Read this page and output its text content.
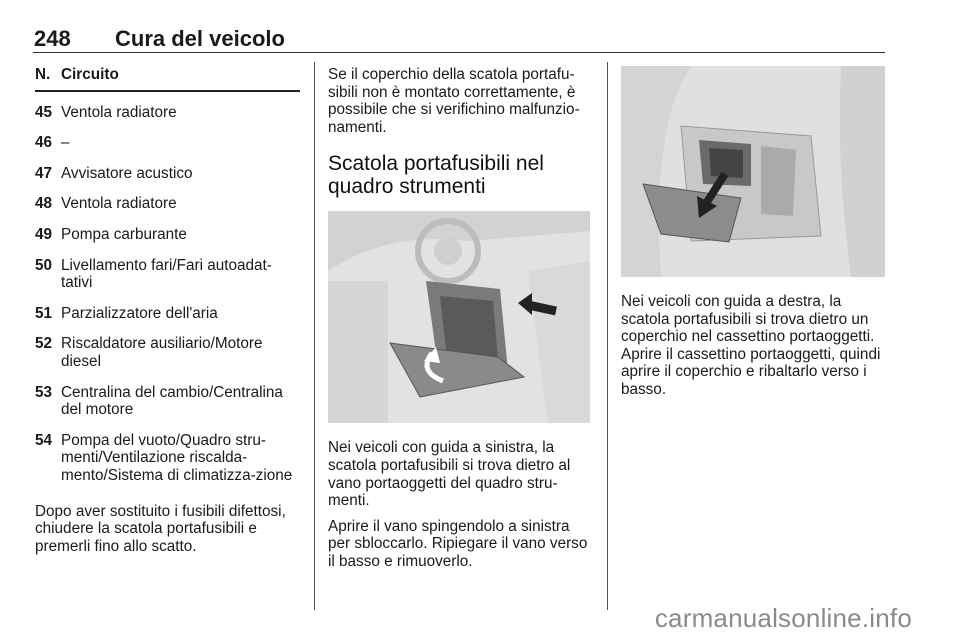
248 Cura del veicolo
N. Circuito
45 Ventola radiatore
46 –
47 Avvisatore acustico
48 Ventola radiatore
49 Pompa carburante
50 Livellamento fari/Fari autoadat-tativi
51 Parzializzatore dell'aria
52 Riscaldatore ausiliario/Motore diesel
53 Centralina del cambio/Centralina del motore
54 Pompa del vuoto/Quadro stru-menti/Ventilazione riscalda-mento/Sistema di climatizza-zione

Dopo aver sostituito i fusibili difettosi, chiudere la scatola portafusibili e premerli fino allo scatto.

Se il coperchio della scatola portafu-sibili non è montato correttamente, è possibile che si verifichino malfunzio-namenti.

Scatola portafusibili nel quadro strumenti

Nei veicoli con guida a sinistra, la scatola portafusibili si trova dietro al vano portaoggetti del quadro stru-menti.

Aprire il vano spingendolo a sinistra per sbloccarlo. Ripiegare il vano verso il basso e rimuoverlo.

Nei veicoli con guida a destra, la scatola portafusibili si trova dietro un coperchio nel cassettino portaoggetti. Aprire il cassettino portaoggetti, quindi aprire il coperchio e ribaltarlo verso i basso.

carmanualsonline.info
